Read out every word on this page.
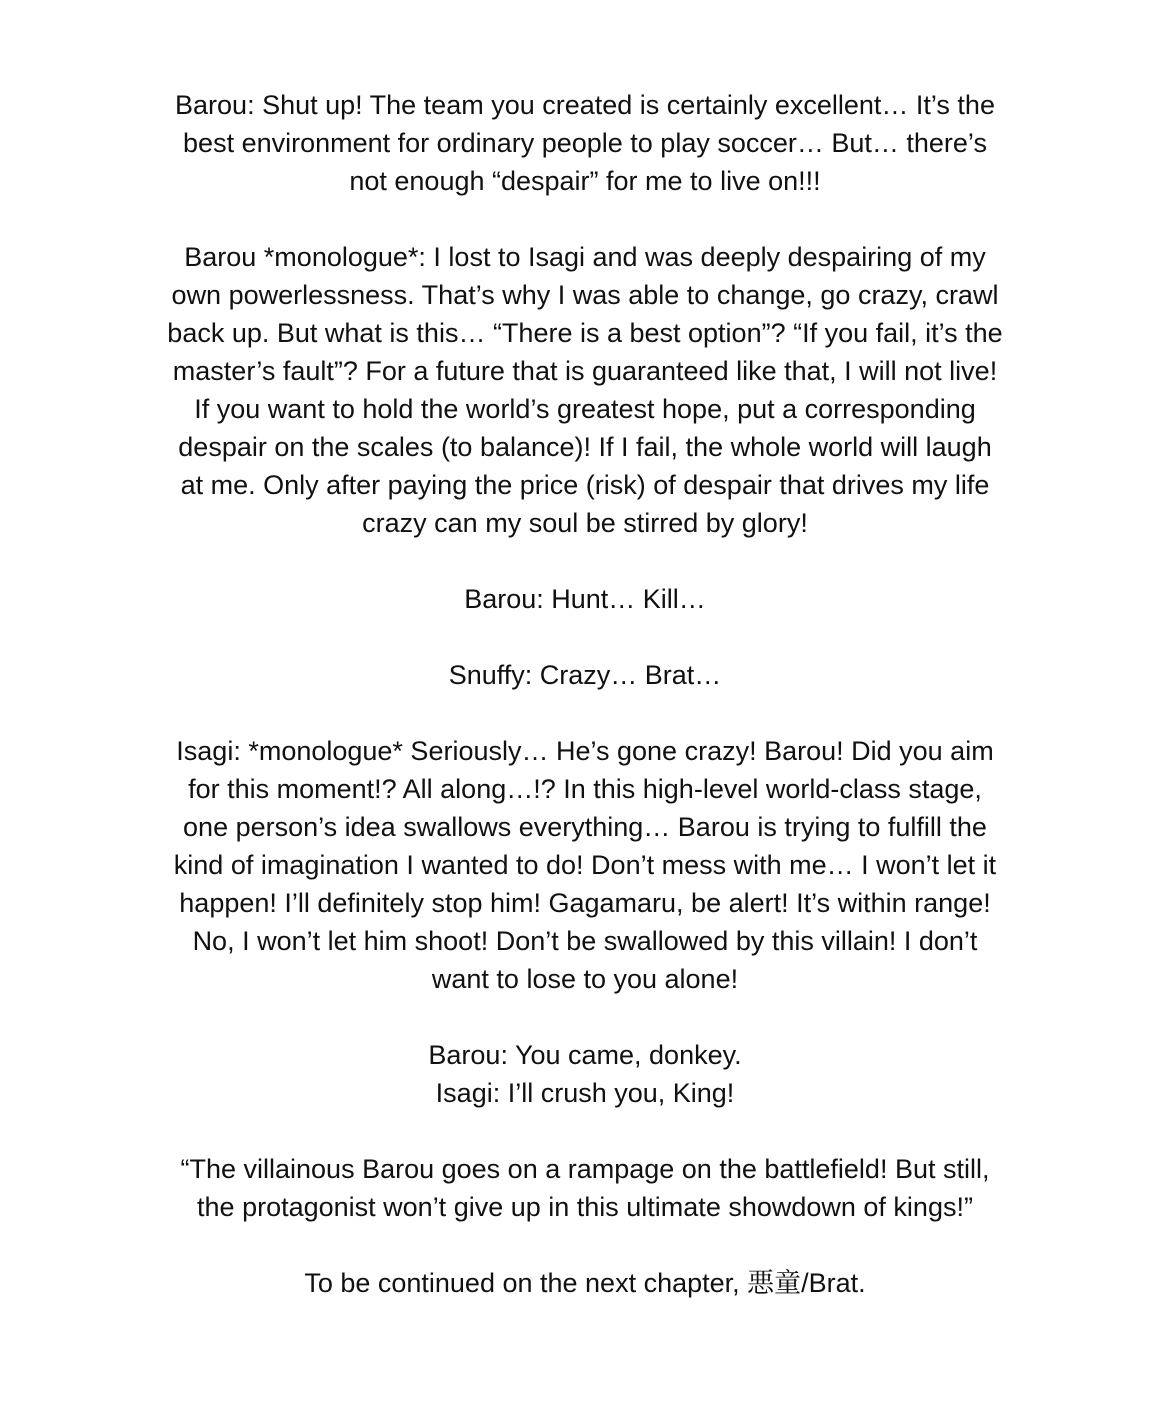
Barou: Shut up! The team you created is certainly excellent… It’s the
best environment for ordinary people to play soccer… But… there’s
not enough “despair” for me to live on!!!

Barou *monologue*: I lost to Isagi and was deeply despairing of my
own powerlessness. That’s why I was able to change, go crazy, crawl
back up. But what is this… “There is a best option”? “If you fail, it’s the
master’s fault”? For a future that is guaranteed like that, I will not live!
If you want to hold the world’s greatest hope, put a corresponding
despair on the scales (to balance)! If I fail, the whole world will laugh
at me. Only after paying the price (risk) of despair that drives my life
crazy can my soul be stirred by glory!

Barou: Hunt… Kill…

Snuffy: Crazy… Brat…

Isagi: *monologue* Seriously… He’s gone crazy! Barou! Did you aim
for this moment!? All along…!? In this high-level world-class stage,
one person’s idea swallows everything… Barou is trying to fulfill the
kind of imagination I wanted to do! Don’t mess with me… I won’t let it
happen! I’ll definitely stop him! Gagamaru, be alert! It’s within range!
No, I won’t let him shoot! Don’t be swallowed by this villain! I don’t
want to lose to you alone!

Barou: You came, donkey.
Isagi: I’ll crush you, King!

“The villainous Barou goes on a rampage on the battlefield! But still,
the protagonist won’t give up in this ultimate showdown of kings!”

To be continued on the next chapter, 悪童/Brat.
